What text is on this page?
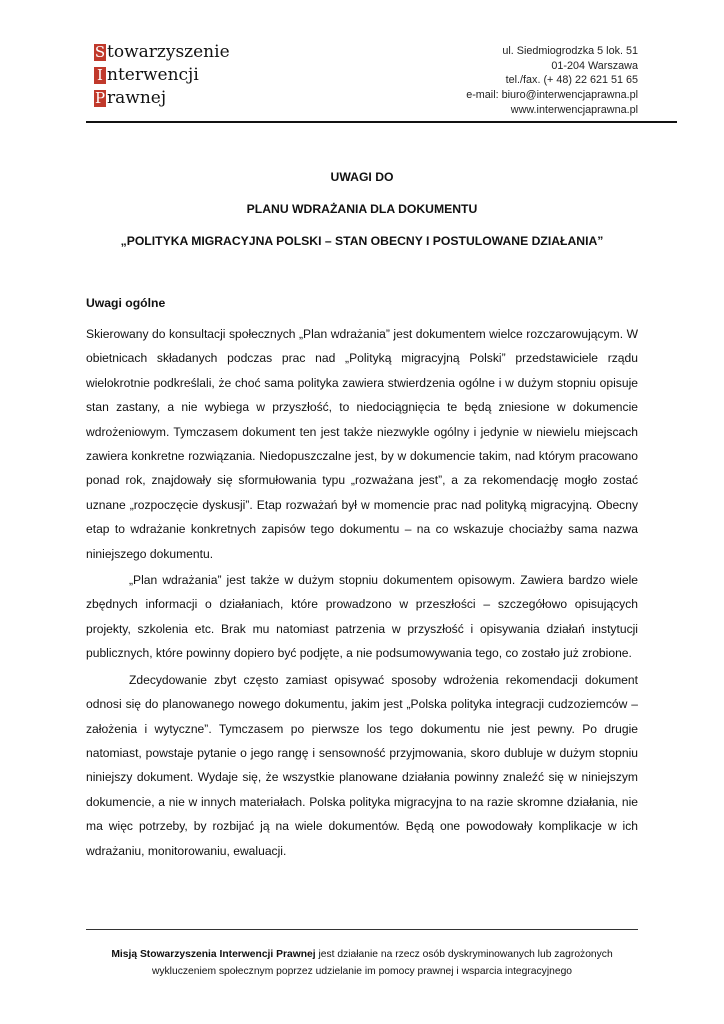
S towarzyszenie
I nterwencji
P rawnej
ul. Siedmiogrodzka 5 lok. 51
01-204 Warszawa
tel./fax. (+ 48) 22 621 51 65
e-mail: biuro@interwencjaprawna.pl
www.interwencjaprawna.pl
UWAGI DO
PLANU WDRAŻANIA DLA DOKUMENTU
„POLITYKA MIGRACYJNA POLSKI – STAN OBECNY I POSTULOWANE DZIAŁANIA”
Uwagi ogólne

Skierowany do konsultacji społecznych „Plan wdrażania” jest dokumentem wielce rozczarowującym. W obietnicach składanych podczas prac nad „Polityką migracyjną Polski” przedstawiciele rządu wielokrotnie podkreślali, że choć sama polityka zawiera stwierdzenia ogólne i w dużym stopniu opisuje stan zastany, a nie wybiega w przyszłość, to niedociągnięcia te będą zniesione w dokumencie wdrożeniowym. Tymczasem dokument ten jest także niezwykle ogólny i jedynie w niewielu miejscach zawiera konkretne rozwiązania. Niedopuszczalne jest, by w dokumencie takim, nad którym pracowano ponad rok, znajdowały się sformułowania typu „rozważana jest”, a za rekomendację mogło zostać uznane „rozpoczęcie dyskusji”. Etap rozważań był w momencie prac nad polityką migracyjną. Obecny etap to wdrażanie konkretnych zapisów tego dokumentu – na co wskazuje chociażby sama nazwa niniejszego dokumentu.

„Plan wdrażania” jest także w dużym stopniu dokumentem opisowym. Zawiera bardzo wiele zbędnych informacji o działaniach, które prowadzono w przeszłości – szczegółowo opisujących projekty, szkolenia etc. Brak mu natomiast patrzenia w przyszłość i opisywania działań instytucji publicznych, które powinny dopiero być podjęte, a nie podsumowywania tego, co zostało już zrobione.

Zdecydowanie zbyt często zamiast opisywać sposoby wdrożenia rekomendacji dokument odnosi się do planowanego nowego dokumentu, jakim jest „Polska polityka integracji cudzoziemców – założenia i wytyczne”. Tymczasem po pierwsze los tego dokumentu nie jest pewny. Po drugie natomiast, powstaje pytanie o jego rangę i sensowność przyjmowania, skoro dubluje w dużym stopniu niniejszy dokument. Wydaje się, że wszystkie planowane działania powinny znaleźć się w niniejszym dokumencie, a nie w innych materiałach. Polska polityka migracyjna to na razie skromne działania, nie ma więc potrzeby, by rozbijać ją na wiele dokumentów. Będą one powodowały komplikacje w ich wdrażaniu, monitorowaniu, ewaluacji.

Misją Stowarzyszenia Interwencji Prawnej jest działanie na rzecz osób dyskryminowanych lub zagrożonych
wykluczeniem społecznym poprzez udzielanie im pomocy prawnej i wsparcia integracyjnego
